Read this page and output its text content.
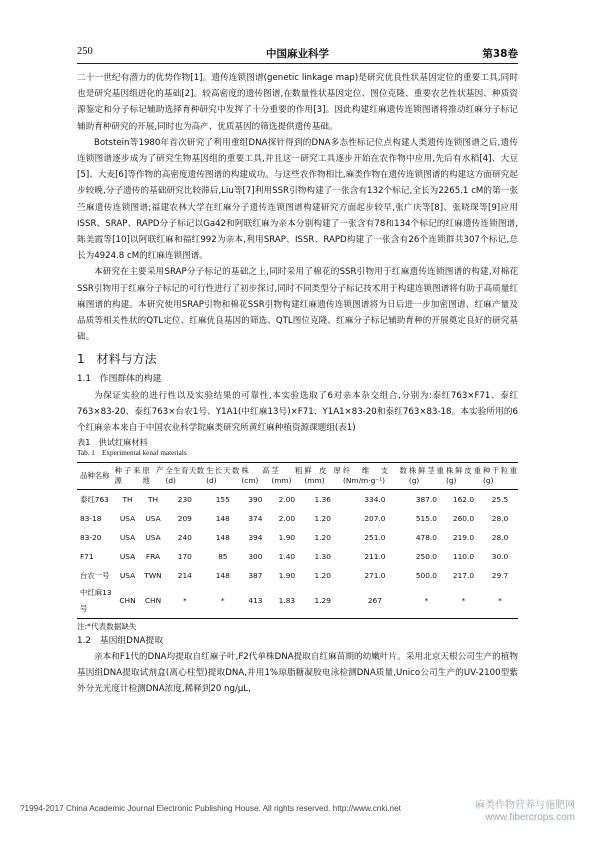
250	中国麻业科学	第38卷

二十一世纪有潜力的优势作物[1]。遗传连锁图谱(genetic linkage map)是研究优良性状基因定位的重要工具,同时也是研究基因组进化的基础[2]。较高密度的遗传图谱,在数量性状基因定位、图位克隆、重要农艺性状基因、种质资源鉴定和分子标记辅助选择育种研究中发挥了十分重要的作用[3]。因此构建红麻遗传连锁图谱将推动红麻分子标记辅助育种研究的开展,同时也为高产、优质基因的筛选提供遗传基础。

Botstein等1980年首次研究了利用重组DNA探针得到的DNA多态性标记位点构建人类遗传连锁图谱之后,遗传连锁图谱逐步成为了研究生物基因组的重要工具,并且这一研究工具逐步开始在农作物中应用,先后有水稻[4]、大豆[5]、大麦[6]等作物的高密度遗传图谱的构建成功。与这些农作物相比,麻类作物在遗传连锁图谱的构建这方面研究起步较晚,分子遗传的基础研究比较滞后,Liu等[7]利用SSR引物构建了一张含有132个标记,全长为2265.1 cM的第一张苎麻遗传连锁图谱;福建农林大学在红麻分子遗传连锁图谱构建研究方面起步较早,张广庆等[8]、张晓琛等[9]应用ISSR、SRAP、RAPD分子标记以Ga42和阿联红麻为亲本分别构建了一张含有78和134个标记的红麻遗传连锁图谱,陈美霞等[10]以阿联红麻和福红992为亲本,利用SRAP、ISSR、RAPD构建了一张含有26个连锁群共307个标记,总长为4924.8 cM的红麻连锁图谱。

本研究在主要采用SRAP分子标记的基础之上,同时采用了棉花的SSR引物用于红麻遗传连锁图谱的构建,对棉花SSR引物用于红麻分子标记的可行性进行了初步探讨,同时不同类型分子标记技术用于构建连锁图谱将有助于高质量红麻图谱的构建。本研究使用SRAP引物和棉花SSR引物构建红麻遗传连锁图谱将为日后进一步加密图谱、红麻产量及品质等相关性状的QTL定位、红麻优良基因的筛选、QTL图位克隆、红麻分子标记辅助育种的开展奠定良好的研究基础。

1　材料与方法

1.1　作图群体的构建

为保证实验的进行性以及实验结果的可靠性,本实验选取了6对亲本杂交组合,分别为:泰红763×F71、泰红763×83-20、泰红763×台农1号、Y1A1(中红麻13号)×F71、Y1A1×83-20和泰红763×83-18。本实验所用的6个红麻亲本来自于中国农业科学院麻类研究所黄红麻种植资源课题组(表1)

表1　供试红麻材料
Tab. 1　Experimental kenaf materials
品种名称	种子来源	原产地	全生育天数(d)	生长天数(d)	株高(cm)	茎粗(mm)	鲜皮厚(mm)	纤维支数(Nm/m·g⁻¹)	株鲜茎重(g)	株鲜皮重(g)	种干粒重(g)
泰红763	TH	TH	230	155	390	2.00	1.36	334.0	387.0	162.0	25.5
83-18	USA	USA	209	148	374	2.00	1.20	207.0	515.0	260.0	28.0
83-20	USA	USA	240	148	394	1.90	1.20	251.0	478.0	219.0	28.0
F71	USA	FRA	170	85	300	1.40	1.30	211.0	250.0	110.0	30.0
台农一号	USA	TWN	214	148	387	1.90	1.20	271.0	500.0	217.0	29.7
中红麻13号	CHN	CHN	*	*	413	1.83	1.29	267	*	*	*
注:*代表数据缺失

1.2　基因组DNA提取

亲本和F1代的DNA均提取自红麻子叶,F2代单株DNA提取自红麻苗期的幼嫩叶片。采用北京天根公司生产的植物基因组DNA提取试剂盒(离心柱型)提取DNA,并用1%琼脂糖凝胶电泳检测DNA质量,Unico公司生产的UV-2100型紫外分光光度计检测DNA浓度,稀释到20 ng/μL,

?1994-2017 China Academic Journal Electronic Publishing House. All rights reserved. http://www.cnki.net	麻类作物营养与施肥网
www.fibercrops.com
